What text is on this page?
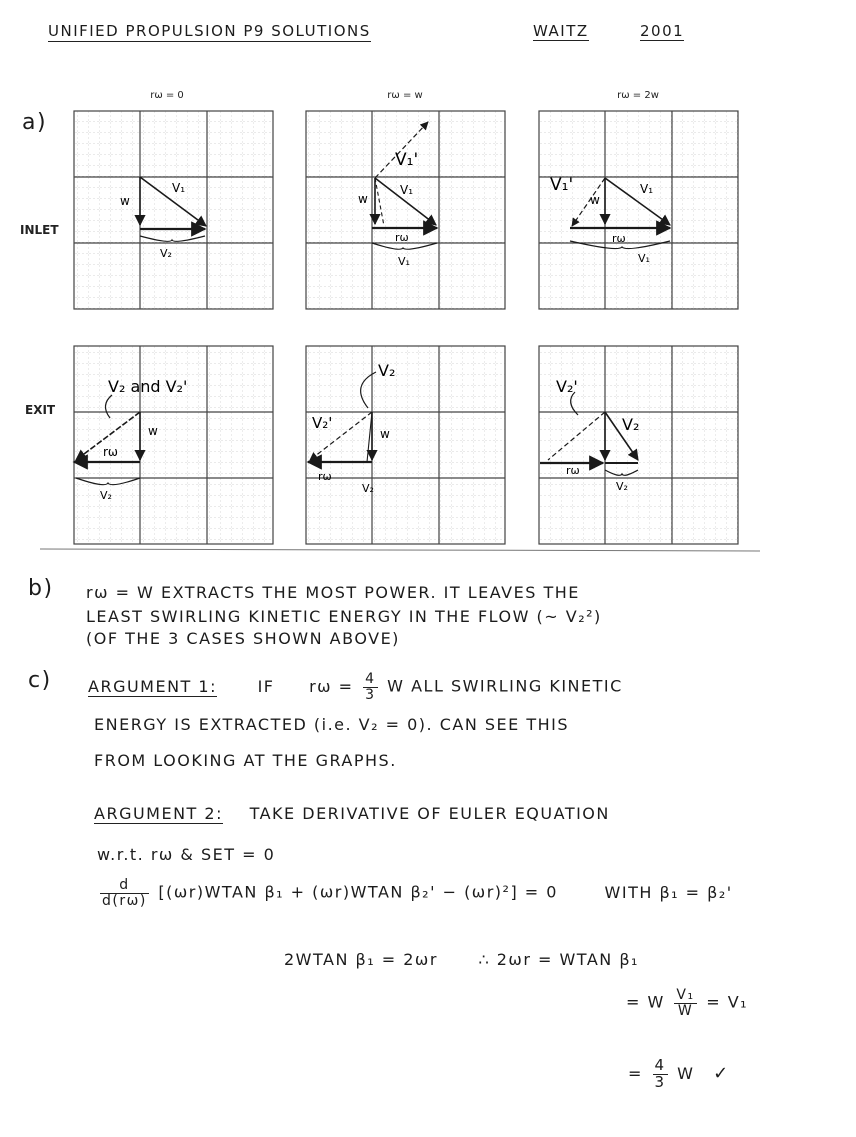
UNIFIED PROPULSION P9 SOLUTIONS	WAITZ	2001
a)
rω = 0	rω = w	rω = 2w
INLET
EXIT
w
V₁
V₂
V₁'
w
V₁
rω
V₁
V₁'
w
V₁
rω
V₁
V₂ and V₂'
w
rω
V₂
V₂
V₂'
w
rω
V₂
V₂'
V₂
rω
V₂
b) rω = W EXTRACTS THE MOST POWER. IT LEAVES THE
LEAST SWIRLING KINETIC ENERGY IN THE FLOW (~ V₂²)
(OF THE 3 CASES SHOWN ABOVE)
c) ARGUMENT 1:	IF $r\omega = \frac{4}{3}$ W ALL SWIRLING KINETIC
ENERGY IS EXTRACTED (i.e. V₂ = 0). CAN SEE THIS
FROM LOOKING AT THE GRAPHS.
ARGUMENT 2: TAKE DERIVATIVE OF EULER EQUATION
w.r.t. rω & SET = 0
$\frac{d}{d(r\omega)}$ [(ωr)WTAN β₁ + (ωr)WTAN β₂' − (ωr)²] = 0	WITH β₁ = β₂'
2WTAN β₁ = 2ωr	∴ 2ωr = WTAN β₁
= W $\frac{\text{V₁}}{W} = V_1$
= $\frac{4}{3}$ W ✓
